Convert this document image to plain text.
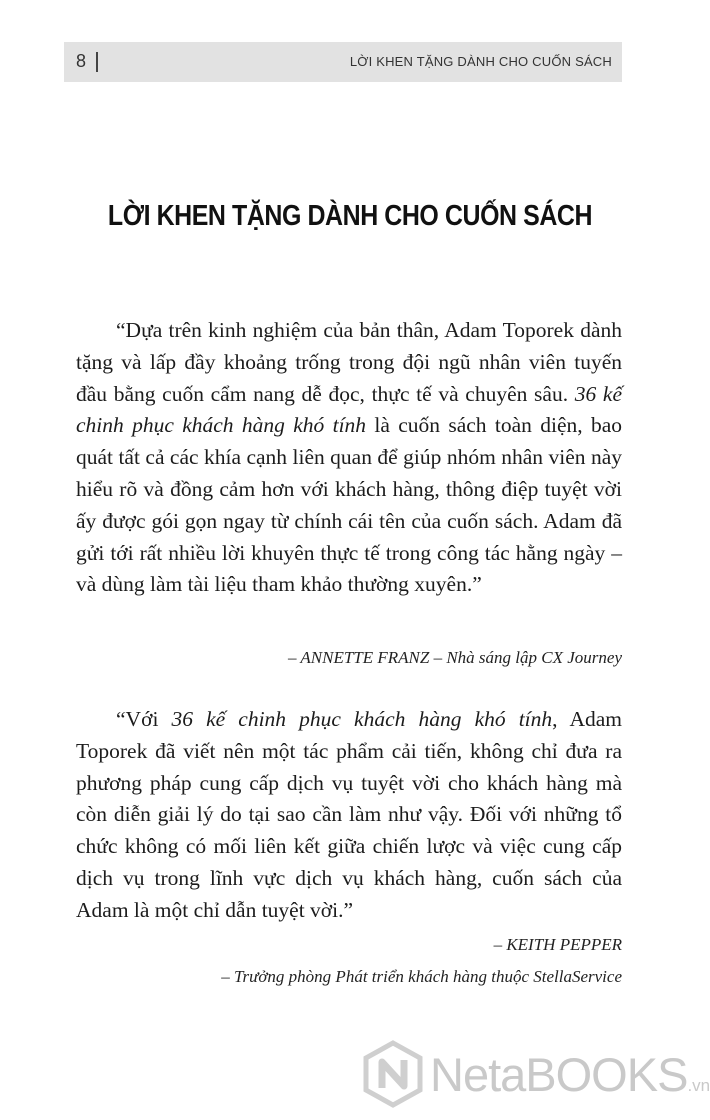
8	LỜI KHEN TẶNG DÀNH CHO CUỐN SÁCH
LỜI KHEN TẶNG DÀNH CHO CUỐN SÁCH

“Dựa trên kinh nghiệm của bản thân, Adam Toporek dành tặng và lấp đầy khoảng trống trong đội ngũ nhân viên tuyến đầu bằng cuốn cẩm nang dễ đọc, thực tế và chuyên sâu. 36 kế chinh phục khách hàng khó tính là cuốn sách toàn diện, bao quát tất cả các khía cạnh liên quan để giúp nhóm nhân viên này hiểu rõ và đồng cảm hơn với khách hàng, thông điệp tuyệt vời ấy được gói gọn ngay từ chính cái tên của cuốn sách. Adam đã gửi tới rất nhiều lời khuyên thực tế trong công tác hằng ngày – và dùng làm tài liệu tham khảo thường xuyên.”

– ANNETTE FRANZ – Nhà sáng lập CX Journey

“Với 36 kế chinh phục khách hàng khó tính, Adam Toporek đã viết nên một tác phẩm cải tiến, không chỉ đưa ra phương pháp cung cấp dịch vụ tuyệt vời cho khách hàng mà còn diễn giải lý do tại sao cần làm như vậy. Đối với những tổ chức không có mối liên kết giữa chiến lược và việc cung cấp dịch vụ trong lĩnh vực dịch vụ khách hàng, cuốn sách của Adam là một chỉ dẫn tuyệt vời.”

– KEITH PEPPER
– Trưởng phòng Phát triển khách hàng thuộc StellaService
NetaBOOKS.vn
